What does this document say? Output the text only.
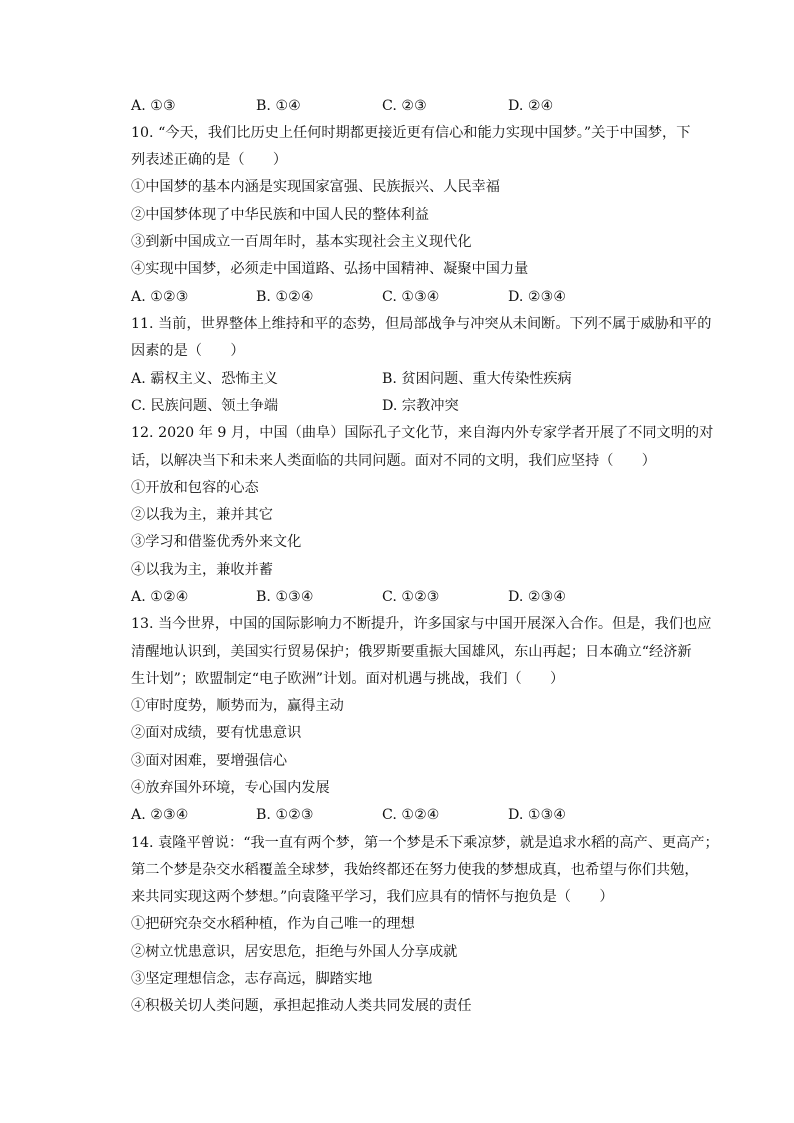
A. ①③	B. ①④	C. ②③	D. ②④
10. “今天，我们比历史上任何时期都更接近更有信心和能力实现中国梦。”关于中国梦，下
列表述正确的是（　　）
①中国梦的基本内涵是实现国家富强、民族振兴、人民幸福
②中国梦体现了中华民族和中国人民的整体利益
③到新中国成立一百周年时，基本实现社会主义现代化
④实现中国梦，必须走中国道路、弘扬中国精神、凝聚中国力量
A. ①②③	B. ①②④	C. ①③④	D. ②③④
11. 当前，世界整体上维持和平的态势，但局部战争与冲突从未间断。下列不属于威胁和平的
因素的是（　　）
A. 霸权主义、恐怖主义	B. 贫困问题、重大传染性疾病
C. 民族问题、领土争端	D. 宗教冲突
12. 2020 年 9 月，中国（曲阜）国际孔子文化节，来自海内外专家学者开展了不同文明的对
话，以解决当下和未来人类面临的共同问题。面对不同的文明，我们应坚持（　　）
①开放和包容的心态
②以我为主，兼并其它
③学习和借鉴优秀外来文化
④以我为主，兼收并蓄
A. ①②④	B. ①③④	C. ①②③	D. ②③④
13. 当今世界，中国的国际影响力不断提升，许多国家与中国开展深入合作。但是，我们也应
清醒地认识到，美国实行贸易保护；俄罗斯要重振大国雄风，东山再起；日本确立“经济新
生计划”；欧盟制定“电子欧洲”计划。面对机遇与挑战，我们（　　）
①审时度势，顺势而为，赢得主动
②面对成绩，要有忧患意识
③面对困难，要增强信心
④放弃国外环境，专心国内发展
A. ②③④	B. ①②③	C. ①②④	D. ①③④
14. 袁隆平曾说：“我一直有两个梦，第一个梦是禾下乘凉梦，就是追求水稻的高产、更高产；
第二个梦是杂交水稻覆盖全球梦，我始终都还在努力使我的梦想成真，也希望与你们共勉，
来共同实现这两个梦想。”向袁隆平学习，我们应具有的情怀与抱负是（　　）
①把研究杂交水稻种植，作为自己唯一的理想
②树立忧患意识，居安思危，拒绝与外国人分享成就
③坚定理想信念，志存高远，脚踏实地
④积极关切人类问题，承担起推动人类共同发展的责任
